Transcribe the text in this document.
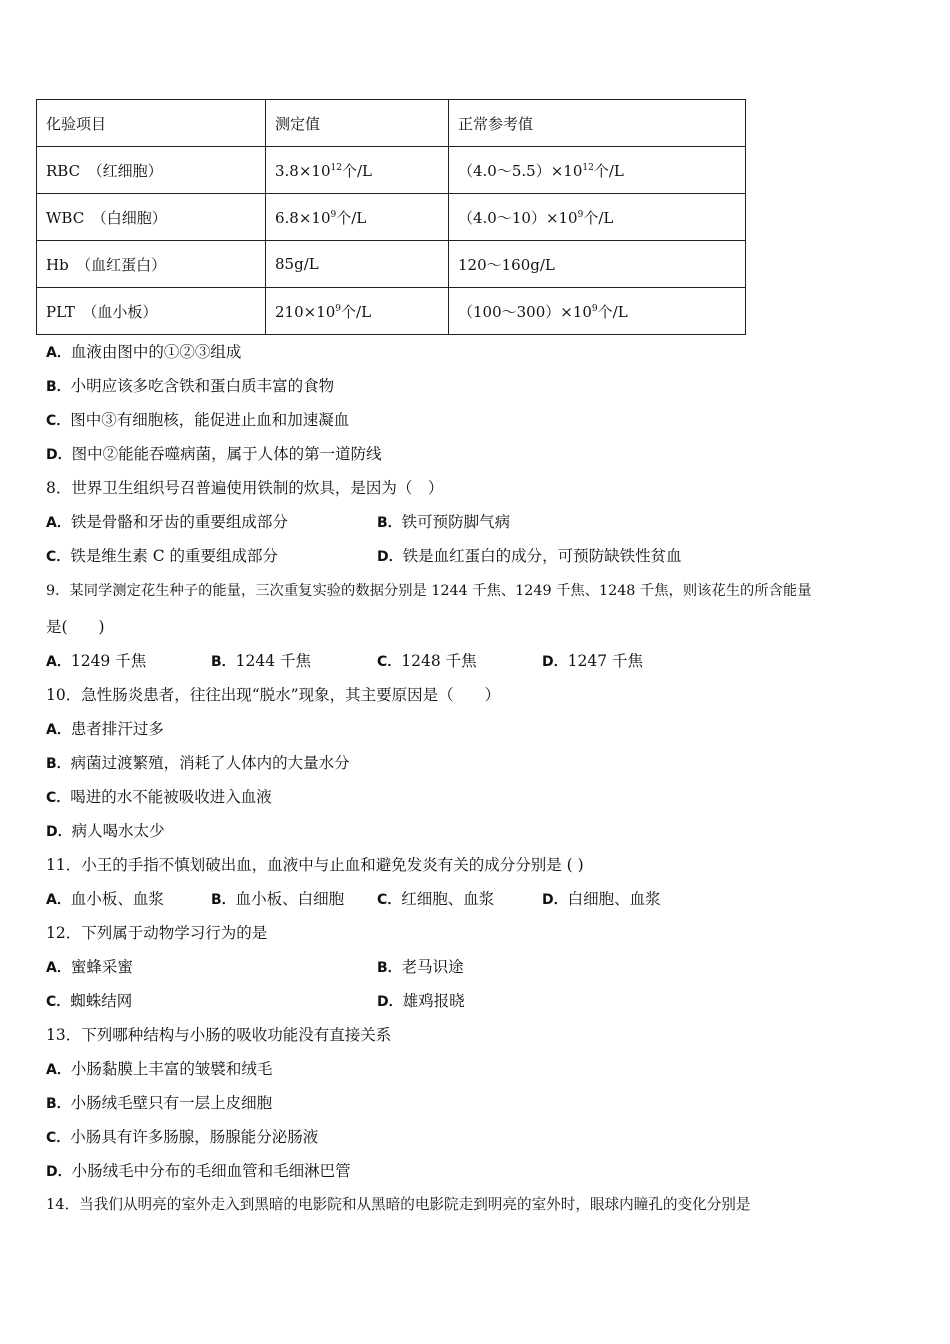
化验项目	测定值	正常参考值
RBC　（红细胞）	$3.8\times 10^{12}$个/L	$(4.0\sim 5.5)\times 10^{12}$个/L
WBC　（白细胞）	$6.8\times 10^9$个/L	$(4.0\sim 10)\times 10^9$个/L
Hb　（血红蛋白）	85g/L	120～160g/L
PLT　（血小板）	$210\times 10^9$个/L	$(100\sim 300)\times 10^9$个/L
A．血液由图中的①②③组成
B．小明应该多吃含铁和蛋白质丰富的食物
C．图中③有细胞核，能促进止血和加速凝血
D．图中②能能吞噬病菌，属于人体的第一道防线
8．世界卫生组织号召普遍使用铁制的炊具，是因为（　）
A．铁是骨骼和牙齿的重要组成部分	B．铁可预防脚气病
C．铁是维生素 C 的重要组成部分	D．铁是血红蛋白的成分，可预防缺铁性贫血
9．某同学测定花生种子的能量，三次重复实验的数据分别是 1244 千焦、1249 千焦、1248 千焦，则该花生的所含能量
是(　　)
A．1249 千焦	B．1244 千焦	C．1248 千焦	D．1247 千焦
10．急性肠炎患者，往往出现“脱水”现象，其主要原因是（　　）
A．患者排汗过多
B．病菌过渡繁殖，消耗了人体内的大量水分
C．喝进的水不能被吸收进入血液
D．病人喝水太少
11．小王的手指不慎划破出血，血液中与止血和避免发炎有关的成分分别是 ( )
A．血小板、血浆	B．血小板、白细胞 C．红细胞、血浆	D．白细胞、血浆
12．下列属于动物学习行为的是
A．蜜蜂采蜜	B．老马识途
C．蜘蛛结网	D．雄鸡报晓
13．下列哪种结构与小肠的吸收功能没有直接关系
A．小肠黏膜上丰富的皱襞和绒毛
B．小肠绒毛壁只有一层上皮细胞
C．小肠具有许多肠腺，肠腺能分泌肠液
D．小肠绒毛中分布的毛细血管和毛细淋巴管
14．当我们从明亮的室外走入到黑暗的电影院和从黑暗的电影院走到明亮的室外时，眼球内瞳孔的变化分别是
